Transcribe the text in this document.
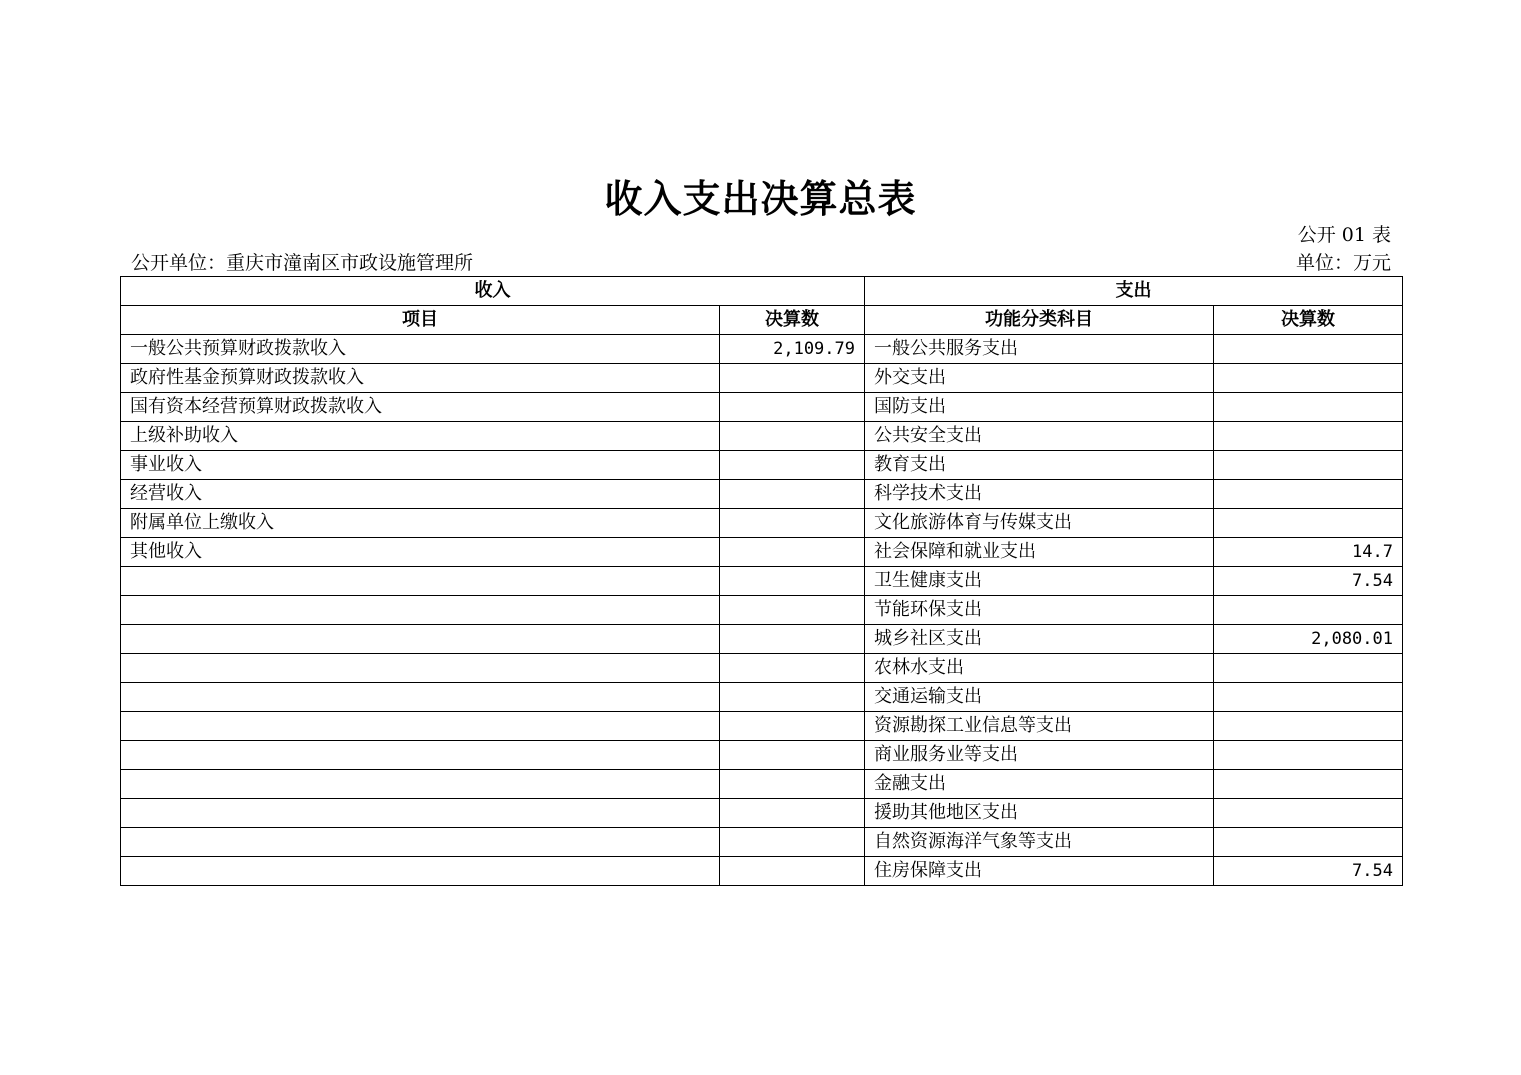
收入支出决算总表
公开 01 表
公开单位：重庆市潼南区市政设施管理所	单位：万元
收入		支出	
项目	决算数	功能分类科目	决算数
一般公共预算财政拨款收入	2,109.79	一般公共服务支出	
政府性基金预算财政拨款收入		外交支出	
国有资本经营预算财政拨款收入		国防支出	
上级补助收入		公共安全支出	
事业收入		教育支出	
经营收入		科学技术支出	
附属单位上缴收入		文化旅游体育与传媒支出	
其他收入		社会保障和就业支出	14.7
		卫生健康支出	7.54
		节能环保支出	
		城乡社区支出	2,080.01
		农林水支出	
		交通运输支出	
		资源勘探工业信息等支出	
		商业服务业等支出	
		金融支出	
		援助其他地区支出	
		自然资源海洋气象等支出	
		住房保障支出	7.54
